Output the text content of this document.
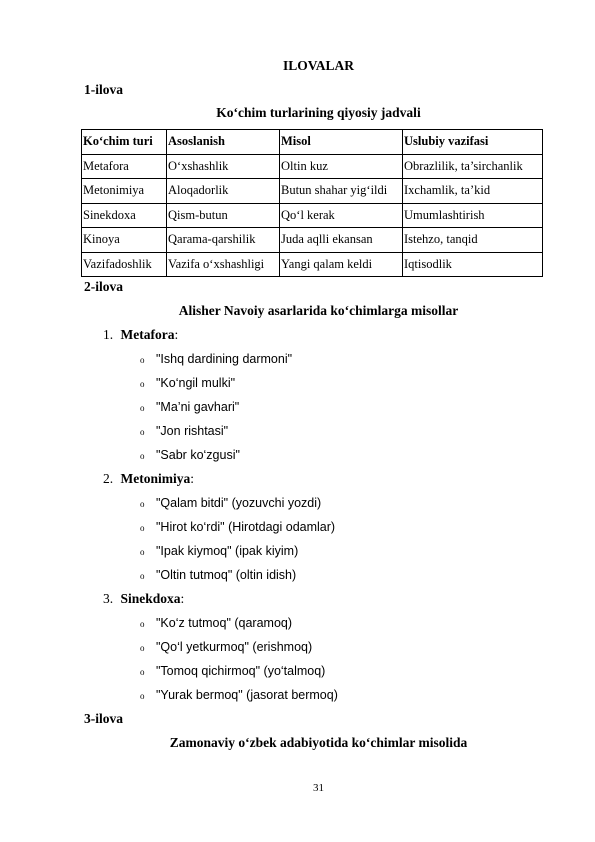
ILOVALAR
1-ilova
Ko‘chim turlarining qiyosiy jadvali
Ko‘chim turi	Asoslanish	Misol	Uslubiy vazifasi
Metafora	O‘xshashlik	Oltin kuz	Obrazlilik, ta’sirchanlik
Metonimiya	Aloqadorlik	Butun shahar yig‘ildi	Ixchamlik, ta’kid
Sinekdoxa	Qism-butun	Qo‘l kerak	Umumlashtirish
Kinoya	Qarama-qarshilik	Juda aqlli ekansan	Istehzo, tanqid
Vazifadoshlik	Vazifa o‘xshashligi	Yangi qalam keldi	Iqtisodlik
2-ilova
Alisher Navoiy asarlarida ko‘chimlarga misollar
1. Metafora:
o "Ishq dardining darmoni"
o "Ko‘ngil mulki"
o "Ma’ni gavhari"
o "Jon rishtasi"
o "Sabr ko‘zgusi"
2. Metonimiya:
o "Qalam bitdi" (yozuvchi yozdi)
o "Hirot ko‘rdi" (Hirotdagi odamlar)
o "Ipak kiymoq" (ipak kiyim)
o "Oltin tutmoq" (oltin idish)
3. Sinekdoxa:
o "Ko‘z tutmoq" (qaramoq)
o "Qo‘l yetkurmoq" (erishmoq)
o "Tomoq qichirmoq" (yo‘talmoq)
o "Yurak bermoq" (jasorat bermoq)
3-ilova
Zamonaviy o‘zbek adabiyotida ko‘chimlar misolida
31
